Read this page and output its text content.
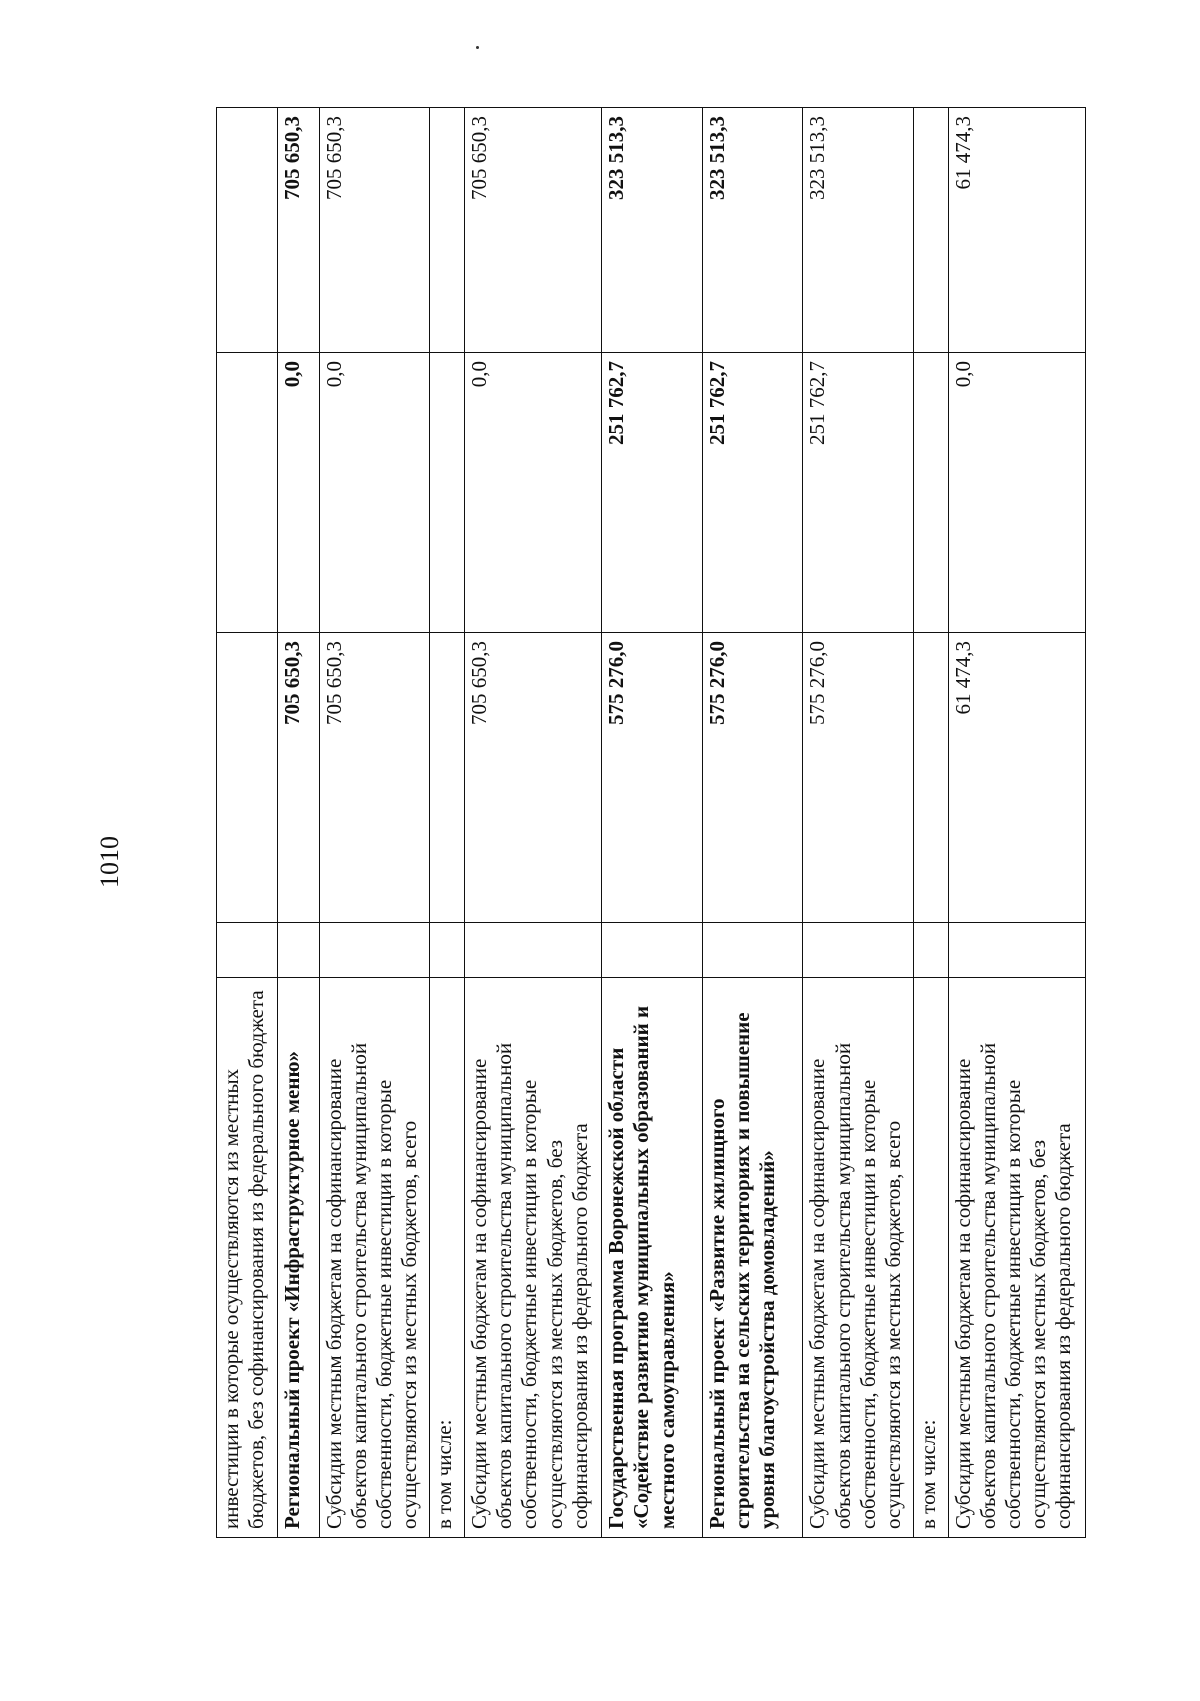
1010
инвестиции в которые осуществляются из местных бюджетов, без софинансирования из федерального бюджета				
Региональный проект «Инфраструктурное меню»		705 650,3	0,0	705 650,3
Субсидии местным бюджетам на софинансирование объектов капитального строительства муниципальной собственности, бюджетные инвестиции в которые осуществляются из местных бюджетов, всего		705 650,3	0,0	705 650,3
в том числе:				
Субсидии местным бюджетам на софинансирование объектов капитального строительства муниципальной собственности, бюджетные инвестиции в которые осуществляются из местных бюджетов, без софинансирования из федерального бюджета		705 650,3	0,0	705 650,3
Государственная программа Воронежской области «Содействие развитию муниципальных образований и местного самоуправления»		575 276,0	251 762,7	323 513,3
Региональный проект «Развитие жилищного строительства на сельских территориях и повышение уровня благоустройства домовладений»		575 276,0	251 762,7	323 513,3
Субсидии местным бюджетам на софинансирование объектов капитального строительства муниципальной собственности, бюджетные инвестиции в которые осуществляются из местных бюджетов, всего		575 276,0	251 762,7	323 513,3
в том числе:				
Субсидии местным бюджетам на софинансирование объектов капитального строительства муниципальной собственности, бюджетные инвестиции в которые осуществляются из местных бюджетов, без софинансирования из федерального бюджета		61 474,3	0,0	61 474,3
